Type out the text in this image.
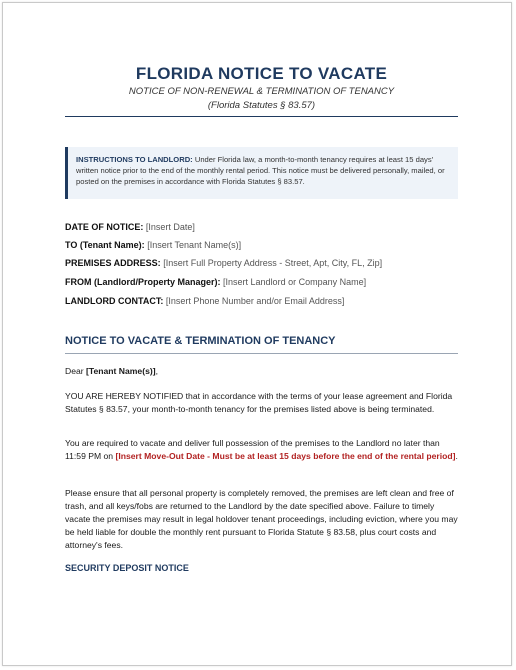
FLORIDA NOTICE TO VACATE
NOTICE OF NON-RENEWAL & TERMINATION OF TENANCY
(Florida Statutes § 83.57)
INSTRUCTIONS TO LANDLORD: Under Florida law, a month-to-month tenancy requires at least 15 days' written notice prior to the end of the monthly rental period. This notice must be delivered personally, mailed, or posted on the premises in accordance with Florida Statutes § 83.57.
DATE OF NOTICE: [Insert Date]
TO (Tenant Name): [Insert Tenant Name(s)]
PREMISES ADDRESS: [Insert Full Property Address - Street, Apt, City, FL, Zip]
FROM (Landlord/Property Manager): [Insert Landlord or Company Name]
LANDLORD CONTACT: [Insert Phone Number and/or Email Address]
NOTICE TO VACATE & TERMINATION OF TENANCY
Dear [Tenant Name(s)],
YOU ARE HEREBY NOTIFIED that in accordance with the terms of your lease agreement and Florida Statutes § 83.57, your month-to-month tenancy for the premises listed above is being terminated.
You are required to vacate and deliver full possession of the premises to the Landlord no later than 11:59 PM on [Insert Move-Out Date - Must be at least 15 days before the end of the rental period].
Please ensure that all personal property is completely removed, the premises are left clean and free of trash, and all keys/fobs are returned to the Landlord by the date specified above. Failure to timely vacate the premises may result in legal holdover tenant proceedings, including eviction, where you may be held liable for double the monthly rent pursuant to Florida Statute § 83.58, plus court costs and attorney's fees.
SECURITY DEPOSIT NOTICE
